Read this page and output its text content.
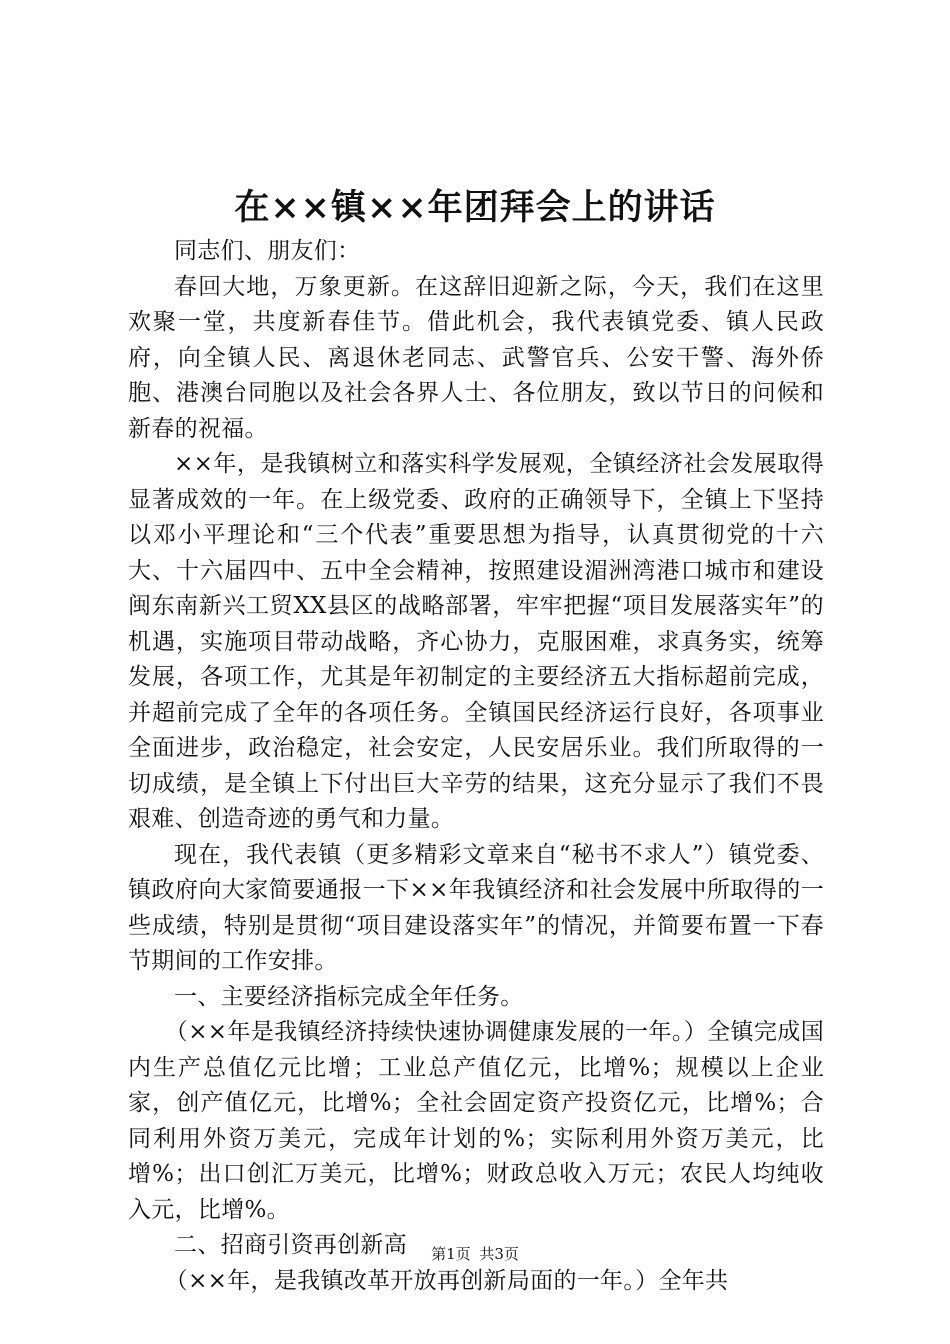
在××镇××年团拜会上的讲话

同志们、朋友们：

春回大地，万象更新。在这辞旧迎新之际，今天，我们在这里欢聚一堂，共度新春佳节。借此机会，我代表镇党委、镇人民政府，向全镇人民、离退休老同志、武警官兵、公安干警、海外侨胞、港澳台同胞以及社会各界人士、各位朋友，致以节日的问候和新春的祝福。

××年，是我镇树立和落实科学发展观，全镇经济社会发展取得显著成效的一年。在上级党委、政府的正确领导下，全镇上下坚持以邓小平理论和“三个代表”重要思想为指导，认真贯彻党的十六大、十六届四中、五中全会精神，按照建设湄洲湾港口城市和建设闽东南新兴工贸XX县区的战略部署，牢牢把握“项目发展落实年”的机遇，实施项目带动战略，齐心协力，克服困难，求真务实，统筹发展，各项工作，尤其是年初制定的主要经济五大指标超前完成，并超前完成了全年的各项任务。全镇国民经济运行良好，各项事业全面进步，政治稳定，社会安定，人民安居乐业。我们所取得的一切成绩，是全镇上下付出巨大辛劳的结果，这充分显示了我们不畏艰难、创造奇迹的勇气和力量。

现在，我代表镇（更多精彩文章来自“秘书不求人”）镇党委、镇政府向大家简要通报一下××年我镇经济和社会发展中所取得的一些成绩，特别是贯彻“项目建设落实年”的情况，并简要布置一下春节期间的工作安排。

一、主要经济指标完成全年任务。

（××年是我镇经济持续快速协调健康发展的一年。）全镇完成国内生产总值亿元比增；工业总产值亿元，比增%；规模以上企业家，创产值亿元，比增%；全社会固定资产投资亿元，比增%；合同利用外资万美元，完成年计划的%；实际利用外资万美元，比增%；出口创汇万美元，比增%；财政总收入万元；农民人均纯收入元，比增%。

二、招商引资再创新高

（××年，是我镇改革开放再创新局面的一年。）全年共

第1页 共3页
